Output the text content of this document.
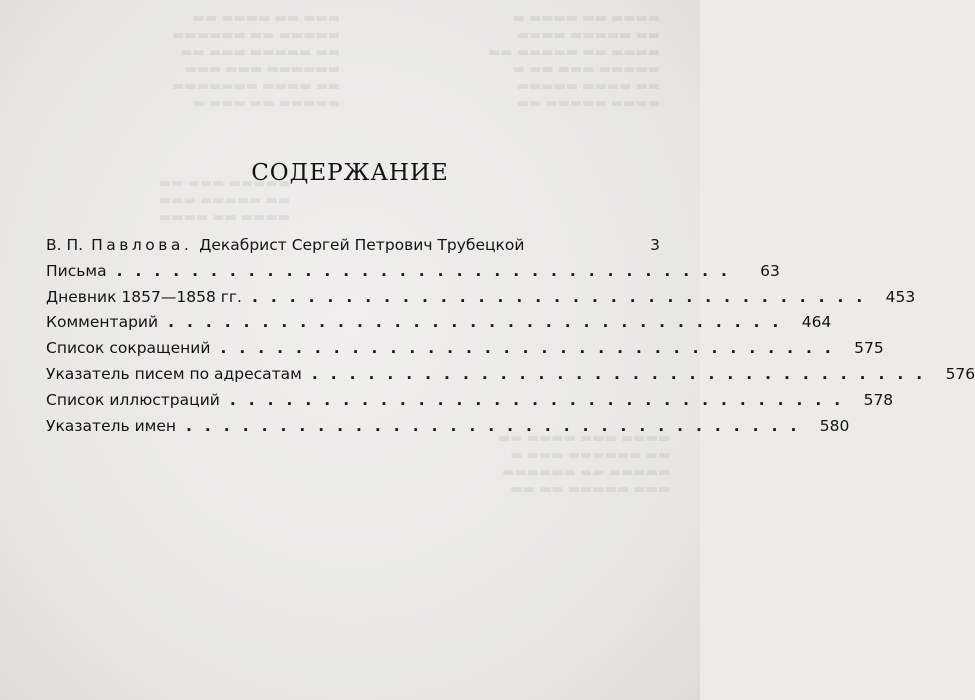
▬▬▬ ▬▬ ▬▬▬▬ ▬▬
▬▬▬▬▬ ▬▬ ▬▬▬▬▬▬
▬▬ ▬▬▬▬▬ ▬▬▬ ▬▬
▬▬▬▬▬▬ ▬▬▬ ▬▬▬
▬▬ ▬▬▬▬ ▬▬▬▬▬▬▬
▬▬▬▬▬ ▬▬ ▬▬▬ ▬
▬▬▬▬ ▬▬ ▬▬▬▬ ▬
▬▬ ▬▬▬▬▬ ▬▬▬▬
▬▬▬▬ ▬▬ ▬▬▬▬▬ ▬▬
▬▬▬▬▬ ▬▬▬ ▬▬ ▬
▬▬ ▬▬▬▬ ▬▬▬▬▬
▬▬▬▬ ▬▬▬▬▬ ▬▬
▬▬▬▬ ▬▬▬ ▬▬▬▬ ▬▬
▬▬ ▬▬▬▬▬▬ ▬▬▬ ▬
▬▬▬▬▬ ▬▬ ▬▬▬▬▬▬
▬▬▬ ▬▬▬▬▬ ▬▬ ▬▬
▬▬▬▬▬ ▬▬▬ ▬▬
▬▬ ▬▬▬▬▬ ▬▬▬
▬▬▬▬ ▬▬ ▬▬▬▬
СОДЕРЖАНИЕ
В. П. Павлова. Декабрист Сергей Петрович Трубецкой	3
Письма .................................	63
Дневник 1857—1858 гг. ................................. 453
Комментарий ................................. 464
Список сокращений ................................. 575
Указатель писем по адресатам ................................. 576
Список иллюстраций ................................. 578
Указатель имен ................................. 580
